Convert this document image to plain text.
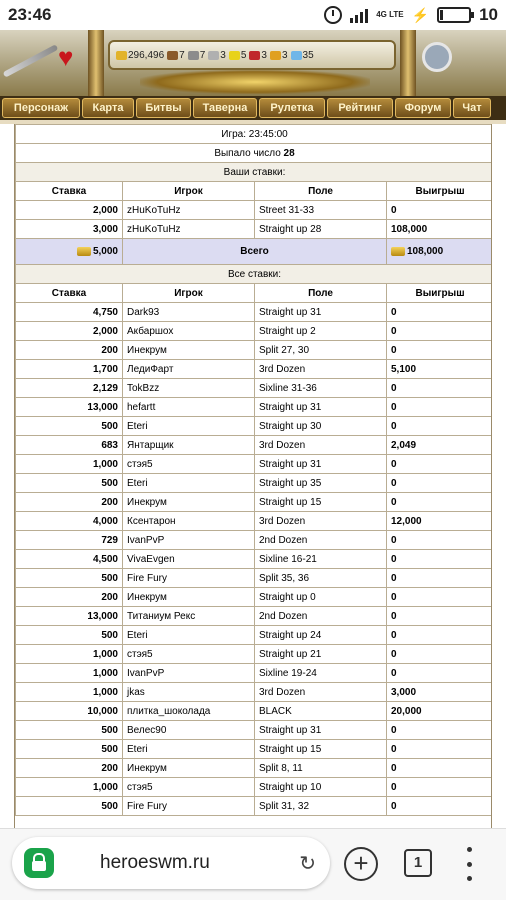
23:46	4G LTE ⚡	10
♥	296,496 7 7 3 5 3 3 35
Персонаж	Карта	Битвы	Таверна	Рулетка	Рейтинг	Форум	Чат
Игра: 23:45:00			
Выпало число 28			
Ваши ставки:			
Ставка	Игрок	Поле	Выигрыш
2,000	zHuKoTuHz	Street 31-33	0
3,000	zHuKoTuHz	Straight up 28	108,000
5,000	Всего		108,000
Все ставки:			
Ставка	Игрок	Поле	Выигрыш
4,750	Dark93	Straight up 31	0
2,000	Акбаршох	Straight up 2	0
200	Инекрум	Split 27, 30	0
1,700	ЛедиФарт	3rd Dozen	5,100
2,129	TokBzz	Sixline 31-36	0
13,000	hefartt	Straight up 31	0
500	Eteri	Straight up 30	0
683	Янтарщик	3rd Dozen	2,049
1,000	стэя5	Straight up 31	0
500	Eteri	Straight up 35	0
200	Инекрум	Straight up 15	0
4,000	Ксентарон	3rd Dozen	12,000
729	IvanPvP	2nd Dozen	0
4,500	VivaEvgen	Sixline 16-21	0
500	Fire Fury	Split 35, 36	0
200	Инекрум	Straight up 0	0
13,000	Титаниум Рекс	2nd Dozen	0
500	Eteri	Straight up 24	0
1,000	стэя5	Straight up 21	0
1,000	IvanPvP	Sixline 19-24	0
1,000	jkas	3rd Dozen	3,000
10,000	плитка_шоколада	BLACK	20,000
500	Велес90	Straight up 31	0
500	Eteri	Straight up 15	0
200	Инекрум	Split 8, 11	0
1,000	стэя5	Straight up 10	0
500	Fire Fury	Split 31, 32	0
heroeswm.ru	↻	+	1
